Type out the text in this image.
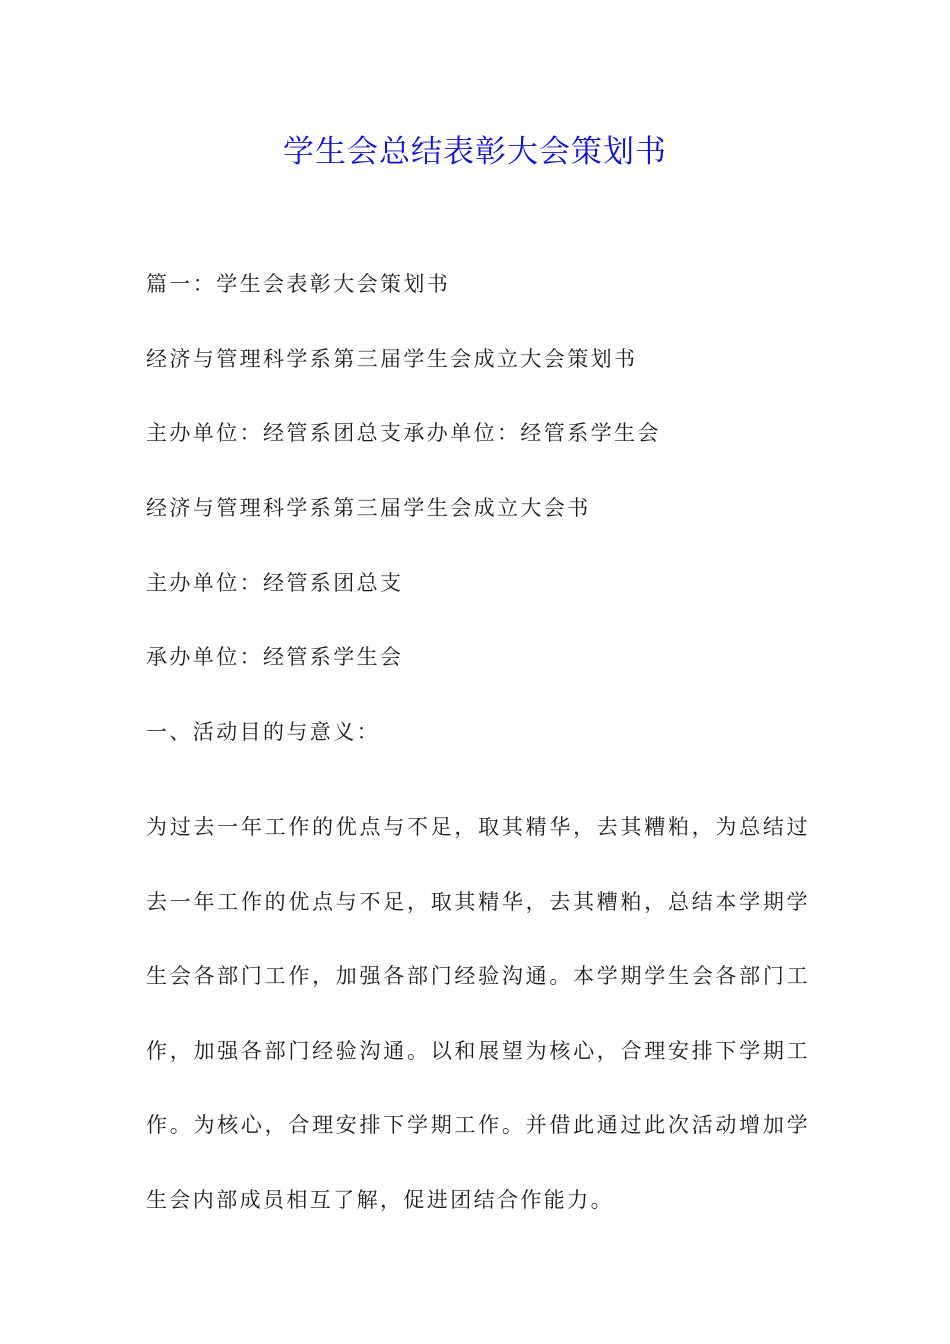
学生会总结表彰大会策划书

篇一：学生会表彰大会策划书

经济与管理科学系第三届学生会成立大会策划书

主办单位：经管系团总支承办单位：经管系学生会

经济与管理科学系第三届学生会成立大会书

主办单位：经管系团总支

承办单位：经管系学生会

一、活动目的与意义：

为过去一年工作的优点与不足，取其精华，去其糟粕，为总结过去一年工作的优点与不足，取其精华，去其糟粕，总结本学期学生会各部门工作，加强各部门经验沟通。本学期学生会各部门工作，加强各部门经验沟通。以和展望为核心，合理安排下学期工作。为核心，合理安排下学期工作。并借此通过此次活动增加学生会内部成员相互了解，促进团结合作能力。
